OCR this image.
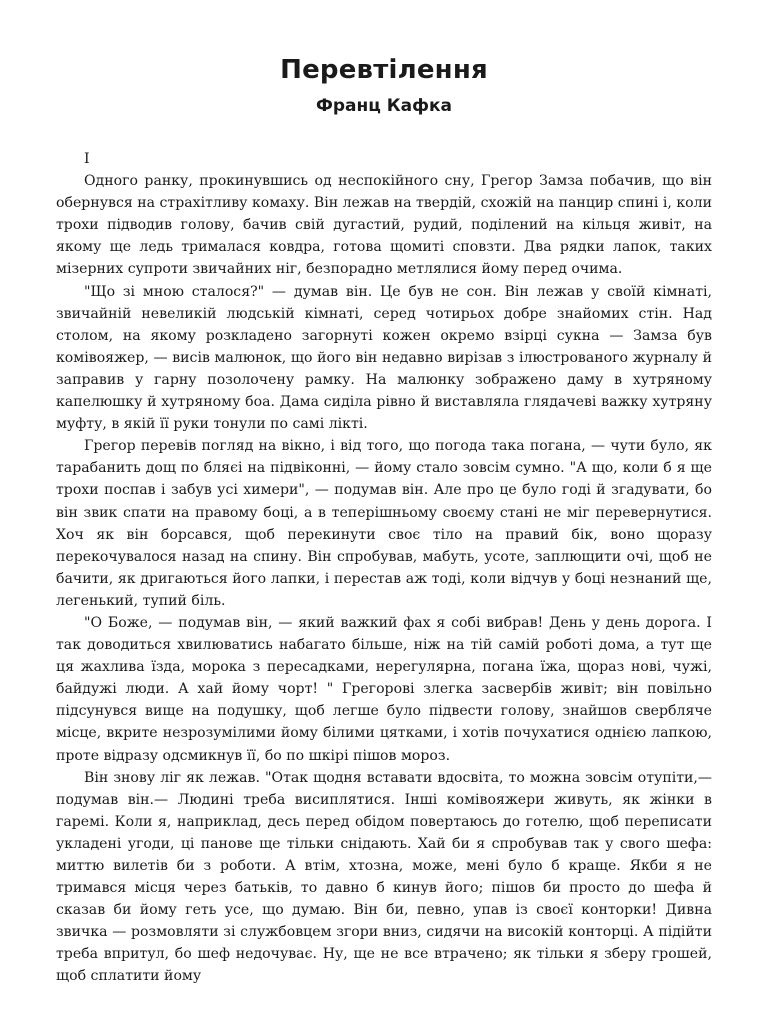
Перевтілення
Франц Кафка
I

Одного ранку, прокинувшись од неспокійного сну, Грегор Замза побачив, що він обернувся на страхітливу комаху. Він лежав на твердій, схожій на панцир спині і, коли трохи підводив голову, бачив свій дугастий, рудий, поділений на кільця живіт, на якому ще ледь трималася ковдра, готова щомиті сповзти. Два рядки лапок, таких мізерних супроти звичайних ніг, безпорадно метлялися йому перед очима.

"Що зі мною сталося?" — думав він. Це був не сон. Він лежав у своїй кімнаті, звичайній невеликій людській кімнаті, серед чотирьох добре знайомих стін. Над столом, на якому розкладено загорнуті кожен окремо взірці сукна — Замза був комівояжер, — висів малюнок, що його він недавно вирізав з ілюстрованого журналу й заправив у гарну позолочену рамку. На малюнку зображено даму в хутряному капелюшку й хутряному боа. Дама сиділа рівно й виставляла глядачеві важку хутряну муфту, в якій її руки тонули по самі лікті.

Грегор перевів погляд на вікно, і від того, що погода така погана, — чути було, як тарабанить дощ по бляєі на підвіконні, — йому стало зовсім сумно. "А що, коли б я ще трохи поспав і забув усі химери", — подумав він. Але про це було годі й згадувати, бо він звик спати на правому боці, а в теперішньому своєму стані не міг перевернутися. Хоч як він борсався, щоб перекинути своє тіло на правий бік, воно щоразу перекочувалося назад на спину. Він спробував, мабуть, усоте, заплющити очі, щоб не бачити, як дригаються його лапки, і перестав аж тоді, коли відчув у боці незнаний ще, легенький, тупий біль.

"О Боже, — подумав він, — який важкий фах я собі вибрав! День у день дорога. І так доводиться хвилюватись набагато більше, ніж на тій самій роботі дома, а тут ще ця жахлива їзда, морока з пересадками, нерегулярна, погана їжа, щораз нові, чужі, байдужі люди. А хай йому чорт! " Грегорові злегка засвербів живіт; він повільно підсунувся вище на подушку, щоб легше було підвести голову, знайшов свербляче місце, вкрите незрозумілими йому білими цятками, і хотів почухатися однією лапкою, проте відразу одсмикнув її, бо по шкірі пішов мороз.

Він знову ліг як лежав. "Отак щодня вставати вдосвіта, то можна зовсім отупіти,— подумав він.— Людині треба висиплятися. Інші комівояжери живуть, як жінки в гаремі. Коли я, наприклад, десь перед обідом повертаюсь до готелю, щоб переписати укладені угоди, ці панове ще тільки снідають. Хай би я спробував так у свого шефа: миттю вилетів би з роботи. А втім, хтозна, може, мені було б краще. Якби я не тримався місця через батьків, то давно б кинув його; пішов би просто до шефа й сказав би йому геть усе, що думаю. Він би, певно, упав із своєї конторки! Дивна звичка — розмовляти зі службовцем згори вниз, сидячи на високій конторці. А підійти треба впритул, бо шеф недочуває. Ну, ще не все втрачено; як тільки я зберу грошей, щоб сплатити йому
